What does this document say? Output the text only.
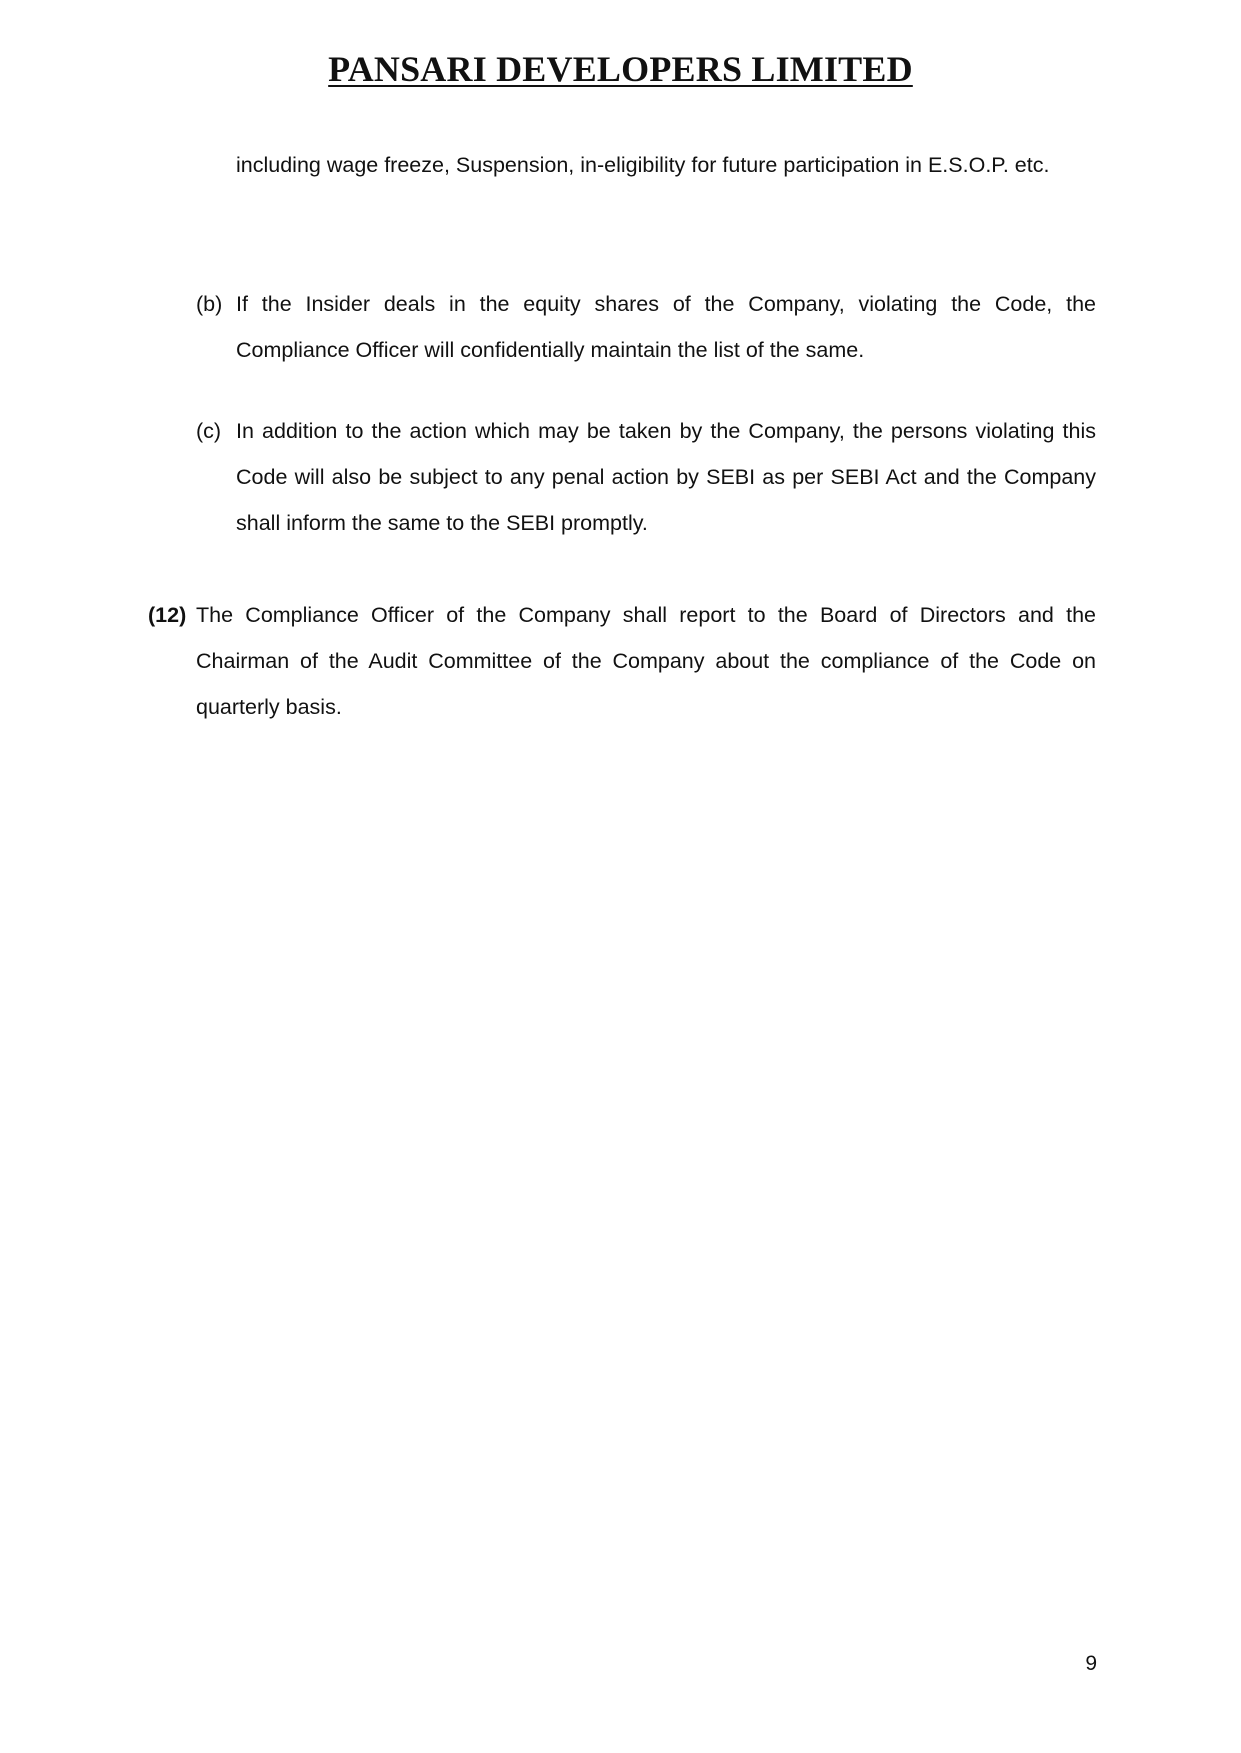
PANSARI DEVELOPERS LIMITED

including wage freeze, Suspension, in-eligibility for future participation in E.S.O.P. etc.

(b) If the Insider deals in the equity shares of the Company, violating the Code, the Compliance Officer will confidentially maintain the list of the same.

(c) In addition to the action which may be taken by the Company, the persons violating this Code will also be subject to any penal action by SEBI as per SEBI Act and the Company shall inform the same to the SEBI promptly.

(12) The Compliance Officer of the Company shall report to the Board of Directors and the Chairman of the Audit Committee of the Company about the compliance of the Code on quarterly basis.

9
